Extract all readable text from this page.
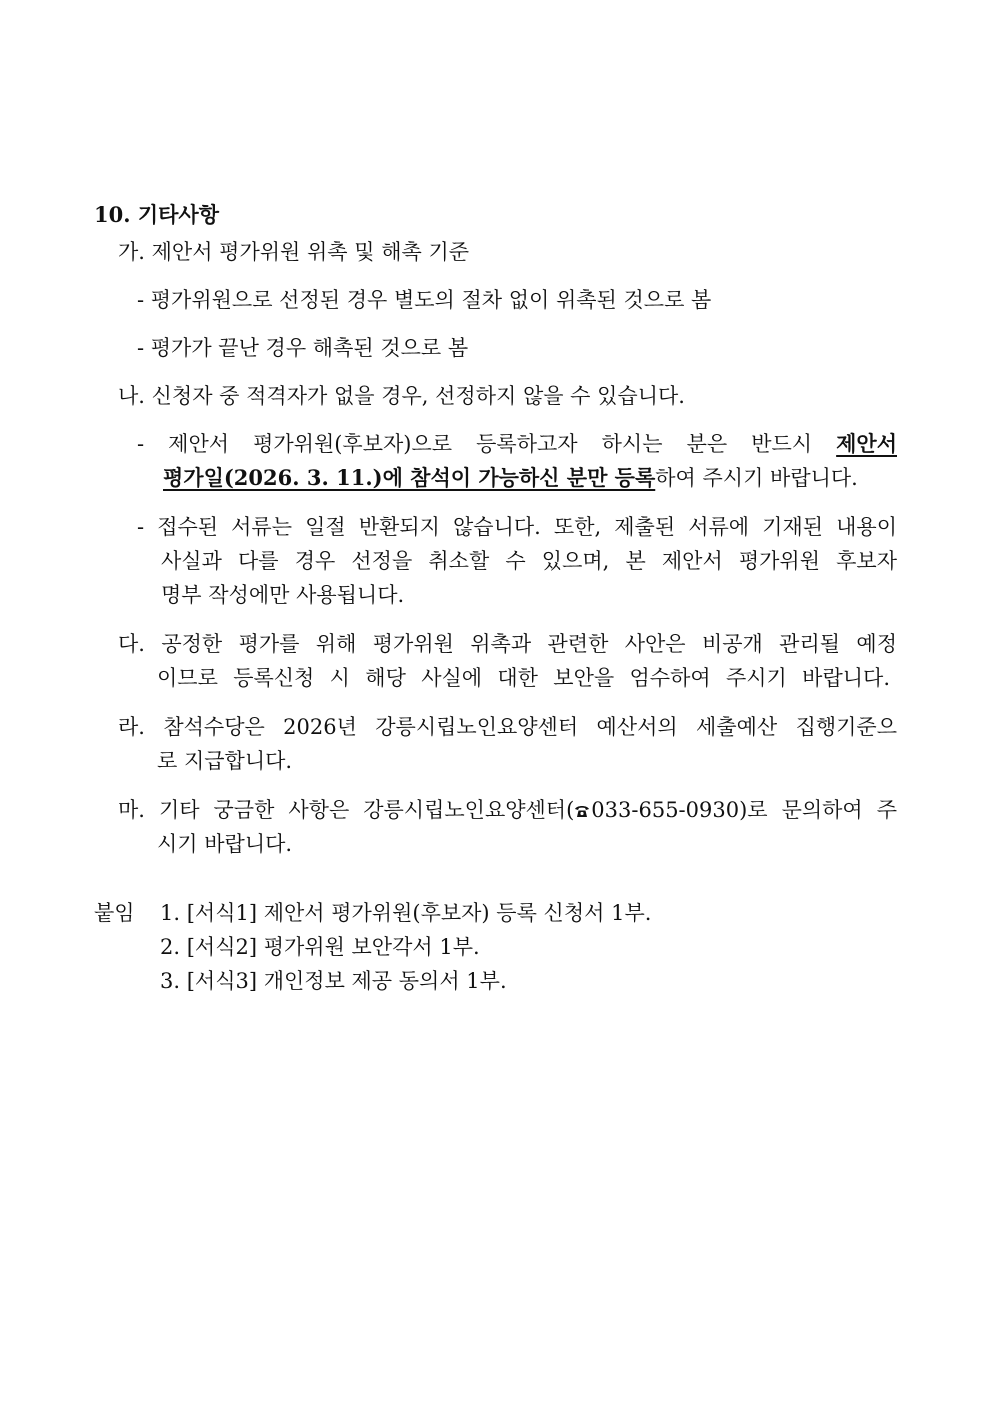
10. 기타사항
가. 제안서 평가위원 위촉 및 해촉 기준
- 평가위원으로 선정된 경우 별도의 절차 없이 위촉된 것으로 봄
- 평가가 끝난 경우 해촉된 것으로 봄
나. 신청자 중 적격자가 없을 경우, 선정하지 않을 수 있습니다.
- 제안서 평가위원(후보자)으로 등록하고자 하시는 분은 반드시 제안서
평가일(2026. 3. 11.)에 참석이 가능하신 분만 등록하여 주시기 바랍니다.
- 접수된 서류는 일절 반환되지 않습니다. 또한, 제출된 서류에 기재된 내용이
사실과 다를 경우 선정을 취소할 수 있으며, 본 제안서 평가위원 후보자
명부 작성에만 사용됩니다.
다. 공정한 평가를 위해 평가위원 위촉과 관련한 사안은 비공개 관리될 예정
이므로 등록신청 시 해당 사실에 대한 보안을 엄수하여 주시기 바랍니다.
라. 참석수당은 2026년 강릉시립노인요양센터 예산서의 세출예산 집행기준으
로 지급합니다.
마. 기타 궁금한 사항은 강릉시립노인요양센터( 033-655-0930)로 문의하여 주
시기 바랍니다.
붙임 1. [서식1] 제안서 평가위원(후보자) 등록 신청서 1부.
2. [서식2] 평가위원 보안각서 1부.
3. [서식3] 개인정보 제공 동의서 1부.
